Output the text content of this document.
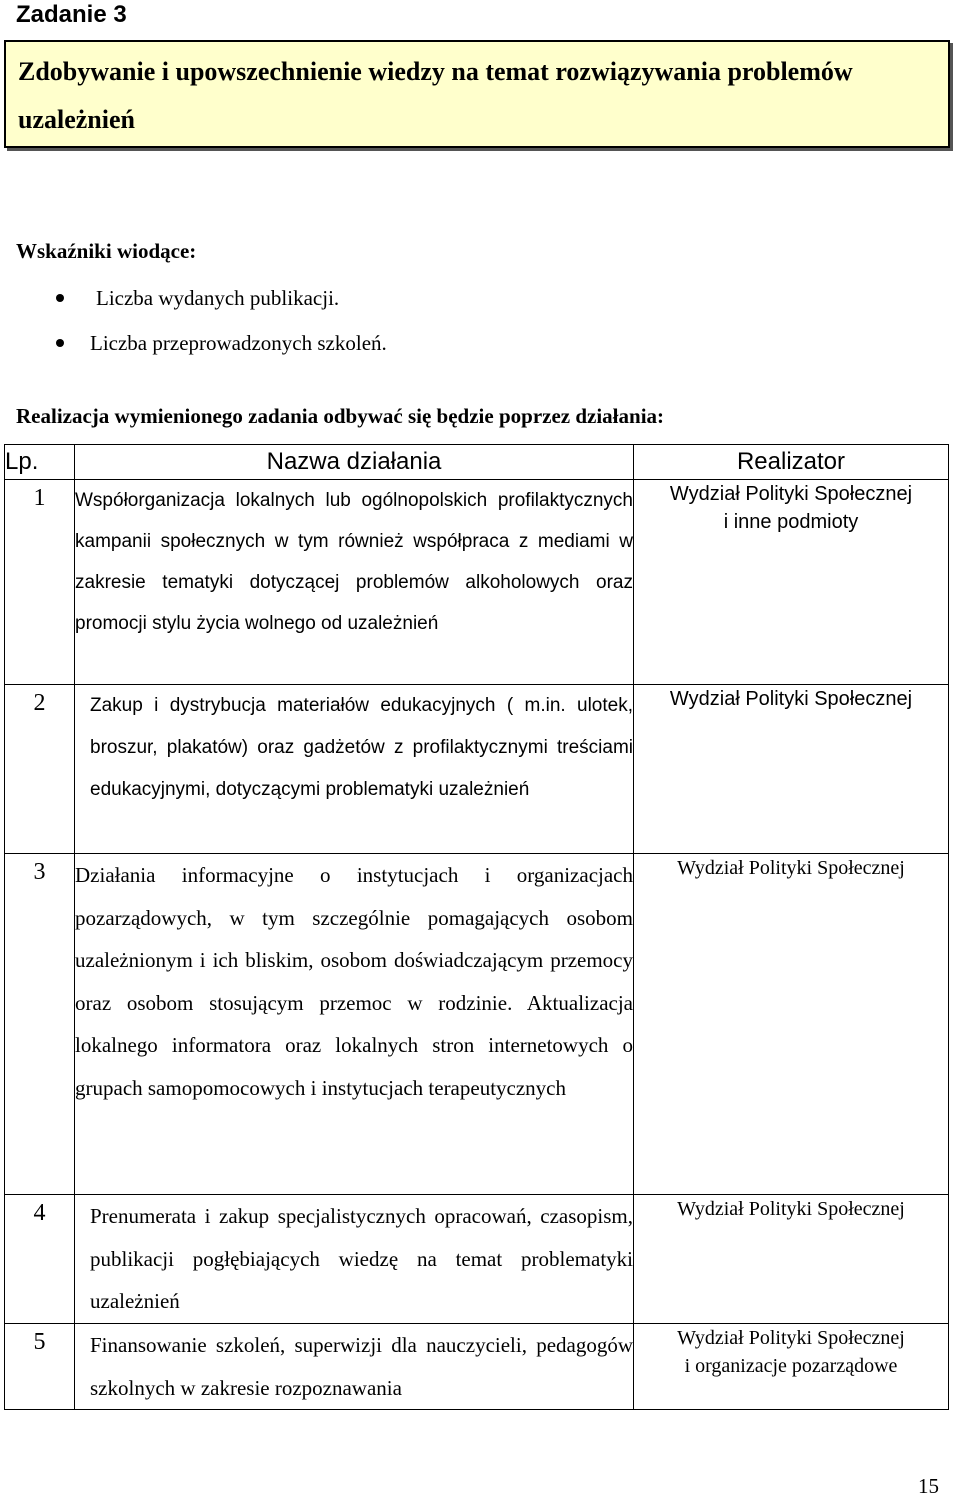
Zadanie 3
Zdobywanie i upowszechnienie wiedzy na temat rozwiązywania problemów uzależnień
Wskaźniki wiodące:
Liczba wydanych publikacji.
Liczba przeprowadzonych szkoleń.
Realizacja wymienionego zadania odbywać się będzie poprzez działania:
Lp.	Nazwa działania	Realizator
1	Współorganizacja lokalnych lub ogólnopolskich profilaktycznych kampanii społecznych w tym również współpraca z mediami w zakresie tematyki dotyczącej problemów alkoholowych oraz promocji stylu życia wolnego od uzależnień	Wydział Polityki Społecznej
i inne podmioty

2	Zakup i dystrybucja materiałów edukacyjnych ( m.in. ulotek, broszur, plakatów) oraz gadżetów z profilaktycznymi treściami edukacyjnymi, dotyczącymi problematyki uzależnień	Wydział Polityki Społecznej

3	Działania informacyjne o instytucjach i organizacjach pozarządowych, w tym szczególnie pomagających osobom uzależnionym i ich bliskim, osobom doświadczającym przemocy oraz osobom stosującym przemoc w rodzinie. Aktualizacja lokalnego informatora oraz lokalnych stron internetowych o grupach samopomocowych i instytucjach terapeutycznych	Wydział Polityki Społecznej

4	Prenumerata i zakup specjalistycznych opracowań, czasopism, publikacji pogłębiających wiedzę na temat problematyki uzależnień	Wydział Polityki Społecznej

5	Finansowanie szkoleń, superwizji dla nauczycieli, pedagogów szkolnych w zakresie rozpoznawania	Wydział Polityki Społecznej
i organizacje pozarządowe
15
